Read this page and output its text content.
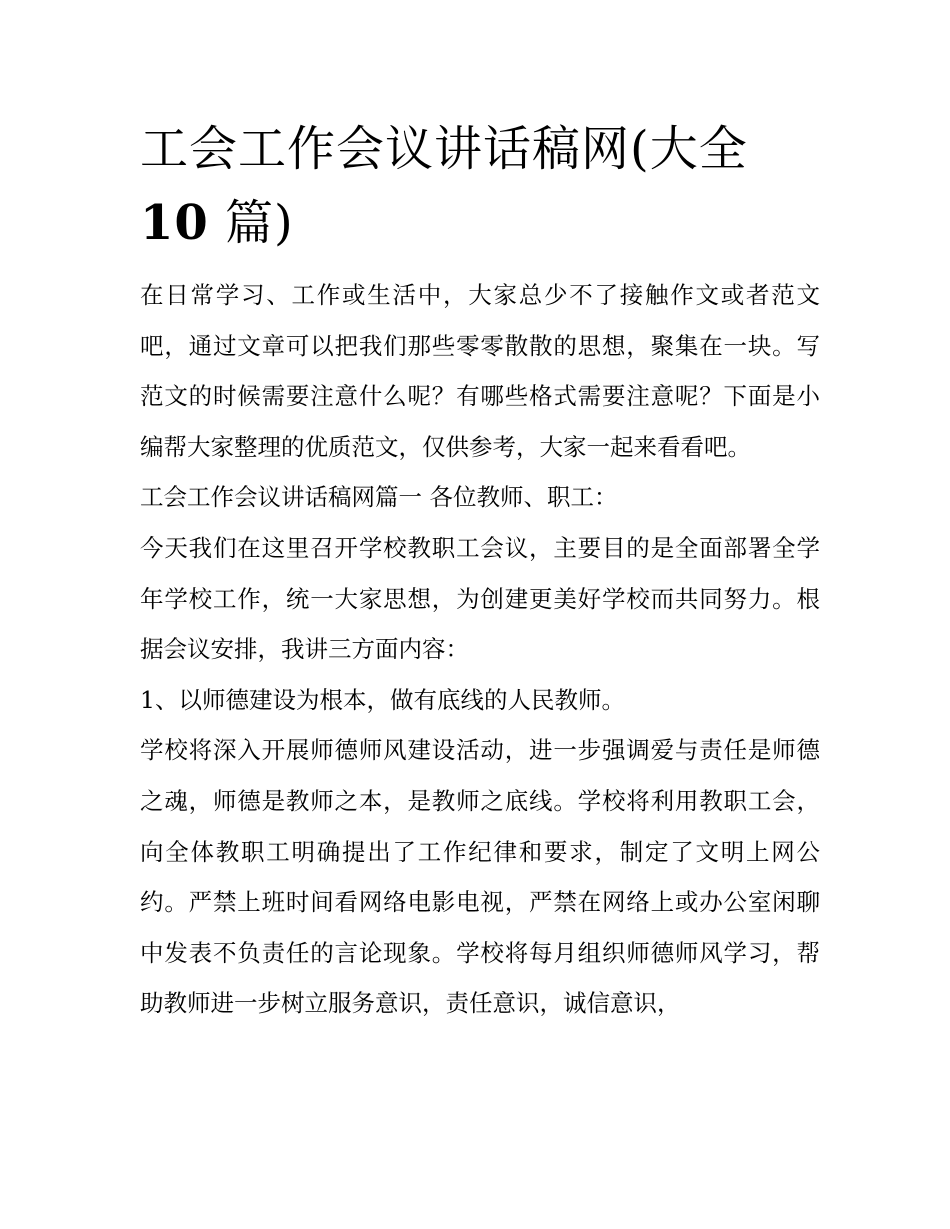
工会工作会议讲话稿网(大全
10 篇)

在日常学习、工作或生活中，大家总少不了接触作文或者范文吧，通过文章可以把我们那些零零散散的思想，聚集在一块。写范文的时候需要注意什么呢？有哪些格式需要注意呢？下面是小编帮大家整理的优质范文，仅供参考，大家一起来看看吧。

工会工作会议讲话稿网篇一 各位教师、职工：

今天我们在这里召开学校教职工会议，主要目的是全面部署全学年学校工作，统一大家思想，为创建更美好学校而共同努力。根据会议安排，我讲三方面内容：

1、以师德建设为根本，做有底线的人民教师。

学校将深入开展师德师风建设活动，进一步强调爱与责任是师德之魂，师德是教师之本，是教师之底线。学校将利用教职工会，向全体教职工明确提出了工作纪律和要求，制定了文明上网公约。严禁上班时间看网络电影电视，严禁在网络上或办公室闲聊中发表不负责任的言论现象。学校将每月组织师德师风学习，帮助教师进一步树立服务意识，责任意识，诚信意识，
